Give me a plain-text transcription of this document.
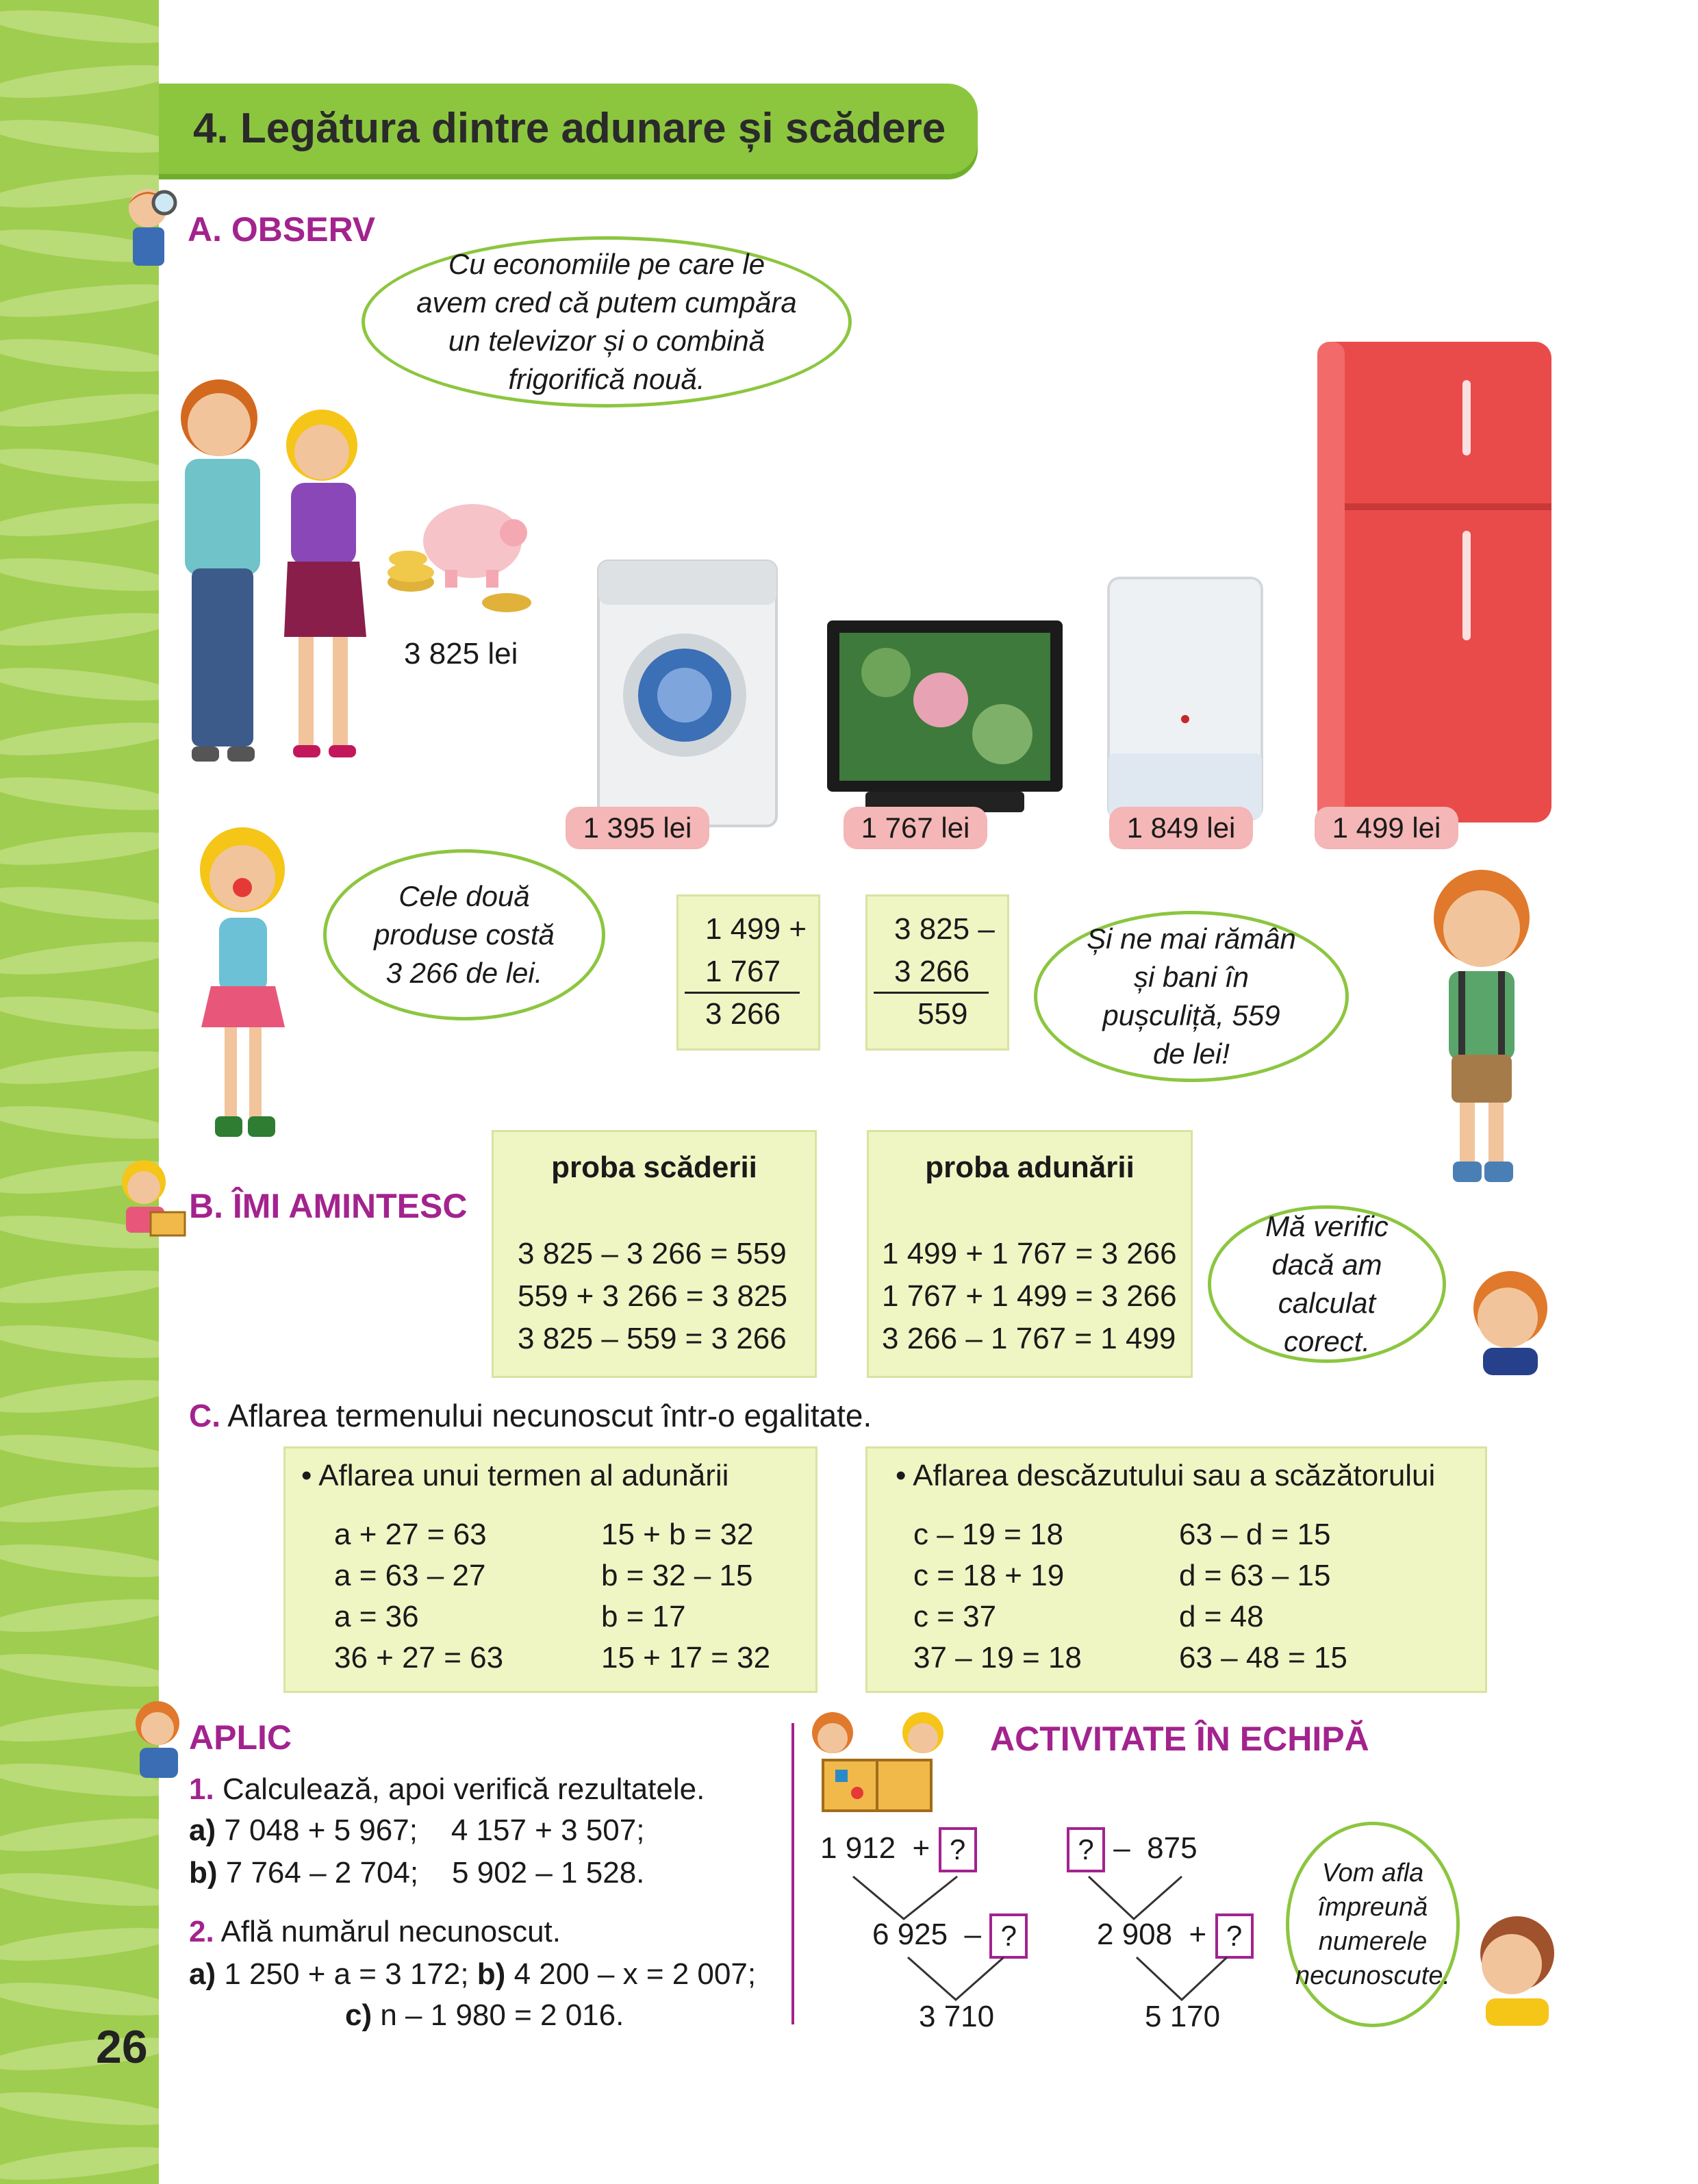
4. Legătura dintre adunare și scădere
A. OBSERV
Cu economiile pe care le avem cred că putem cumpăra un televizor și o combină frigorifică nouă.
3 825 lei
1 395 lei	1 767 lei	1 849 lei	1 499 lei
Cele două produse costă 3 266 de lei.
1 499 +
1 767
3 266
3 825 –
3 266
559
Și ne mai rămân și bani în pușculiță, 559 de lei!
B. ÎMI AMINTESC
proba scăderii
3 825 – 3 266 = 559
559 + 3 266 = 3 825
3 825 – 559 = 3 266
proba adunării
1 499 + 1 767 = 3 266
1 767 + 1 499 = 3 266
3 266 – 1 767 = 1 499
Mă verific dacă am calculat corect.
C. Aflarea termenului necunoscut într-o egalitate.
• Aflarea unui termen al adunării
a + 27 = 63
a = 63 – 27
a = 36
36 + 27 = 63
15 + b = 32
b = 32 – 15
b = 17
15 + 17 = 32
• Aflarea descăzutului sau a scăzătorului
c – 19 = 18
c = 18 + 19
c = 37
37 – 19 = 18
63 – d = 15
d = 63 – 15
d = 48
63 – 48 = 15
APLIC
1. Calculează, apoi verifică rezultatele.
a) 7 048 + 5 967;    4 157 + 3 507;
b) 7 764 – 2 704;    5 902 – 1 528.
2. Află numărul necunoscut.
a) 1 250 + a = 3 172; b) 4 200 – x = 2 007;
c) n – 1 980 = 2 016.
ACTIVITATE ÎN ECHIPĂ
1 912  + ?
6 925  – ?
3 710
? –  875
2 908  + ?
5 170
Vom afla împreună numerele necunoscute.
26
